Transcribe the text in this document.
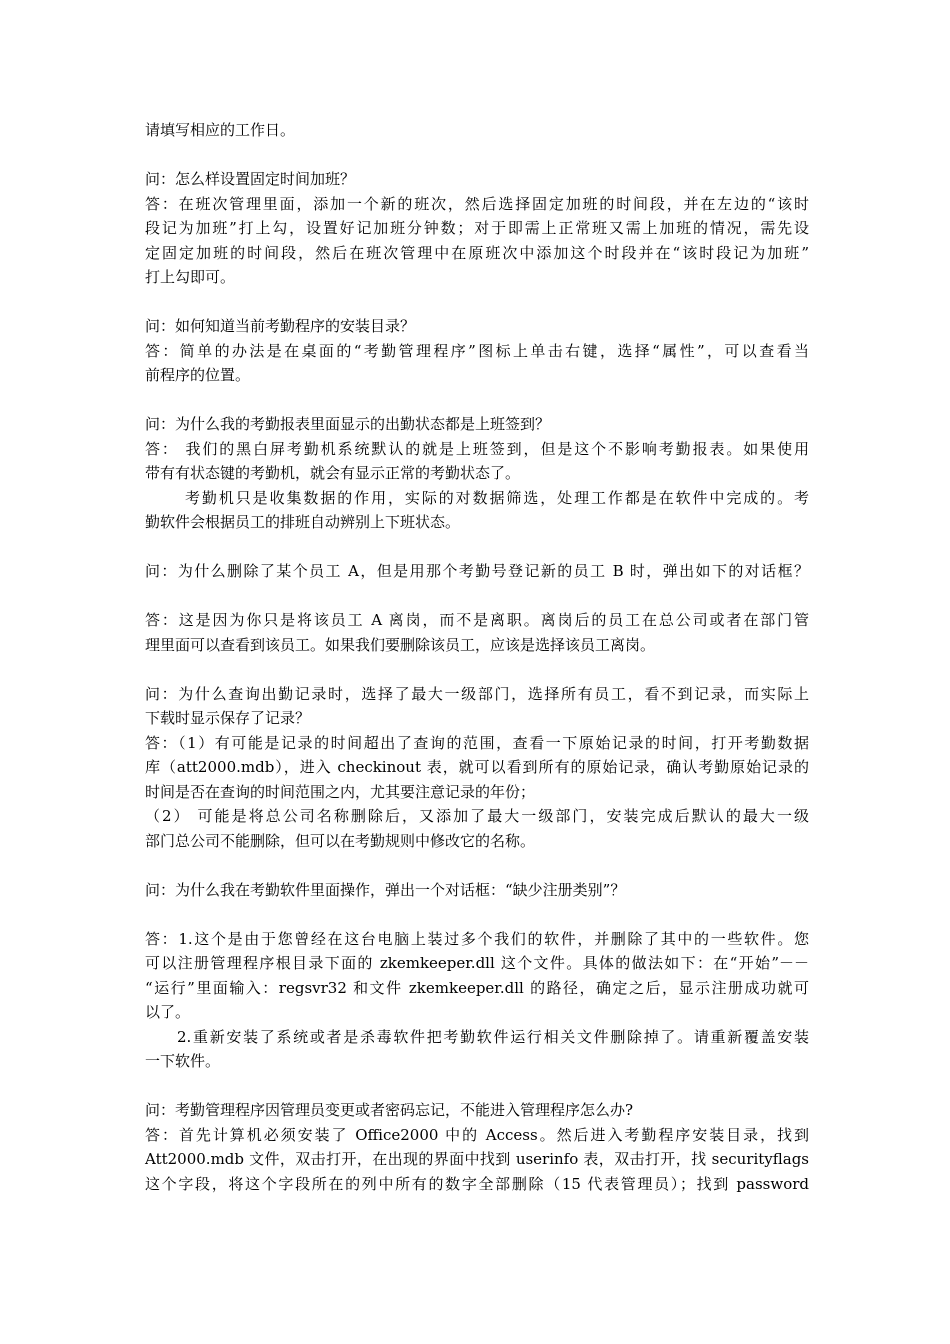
请填写相应的工作日。
问：怎么样设置固定时间加班？
答：在班次管理里面，添加一个新的班次，然后选择固定加班的时间段，并在左边的“该时
段记为加班”打上勾，设置好记加班分钟数；对于即需上正常班又需上加班的情况，需先设
定固定加班的时间段，然后在班次管理中在原班次中添加这个时段并在“该时段记为加班”
打上勾即可。
问：如何知道当前考勤程序的安装目录？
答：简单的办法是在桌面的“考勤管理程序”图标上单击右键，选择“属性”，可以查看当
前程序的位置。
问：为什么我的考勤报表里面显示的出勤状态都是上班签到？
答： 我们的黑白屏考勤机系统默认的就是上班签到，但是这个不影响考勤报表。如果使用
带有有状态键的考勤机，就会有显示正常的考勤状态了。
考勤机只是收集数据的作用，实际的对数据筛选，处理工作都是在软件中完成的。考
勤软件会根据员工的排班自动辨别上下班状态。
问：为什么删除了某个员工 A，但是用那个考勤号登记新的员工 B 时，弹出如下的对话框？
答：这是因为你只是将该员工 A 离岗，而不是离职。离岗后的员工在总公司或者在部门管
理里面可以查看到该员工。如果我们要删除该员工，应该是选择该员工离岗。
问：为什么查询出勤记录时，选择了最大一级部门，选择所有员工，看不到记录，而实际上
下载时显示保存了记录？
答：（1）有可能是记录的时间超出了查询的范围，查看一下原始记录的时间，打开考勤数据
库（att2000.mdb），进入 checkinout 表，就可以看到所有的原始记录，确认考勤原始记录的
时间是否在查询的时间范围之内，尤其要注意记录的年份；
（2） 可能是将总公司名称删除后，又添加了最大一级部门，安装完成后默认的最大一级
部门总公司不能删除，但可以在考勤规则中修改它的名称。
问：为什么我在考勤软件里面操作，弹出一个对话框：“缺少注册类别”？
答：1.这个是由于您曾经在这台电脑上装过多个我们的软件，并删除了其中的一些软件。您
可以注册管理程序根目录下面的 zkemkeeper.dll 这个文件。具体的做法如下：在“开始”－－
“运行”里面输入：regsvr32 和文件 zkemkeeper.dll 的路径，确定之后，显示注册成功就可
以了。
2.重新安装了系统或者是杀毒软件把考勤软件运行相关文件删除掉了。请重新覆盖安装
一下软件。
问：考勤管理程序因管理员变更或者密码忘记，不能进入管理程序怎么办?
答：首先计算机必须安装了 Office2000 中的 Access。然后进入考勤程序安装目录，找到
Att2000.mdb 文件，双击打开，在出现的界面中找到 userinfo 表，双击打开，找 securityflags
这个字段，将这个字段所在的列中所有的数字全部删除（15 代表管理员）；找到 password
